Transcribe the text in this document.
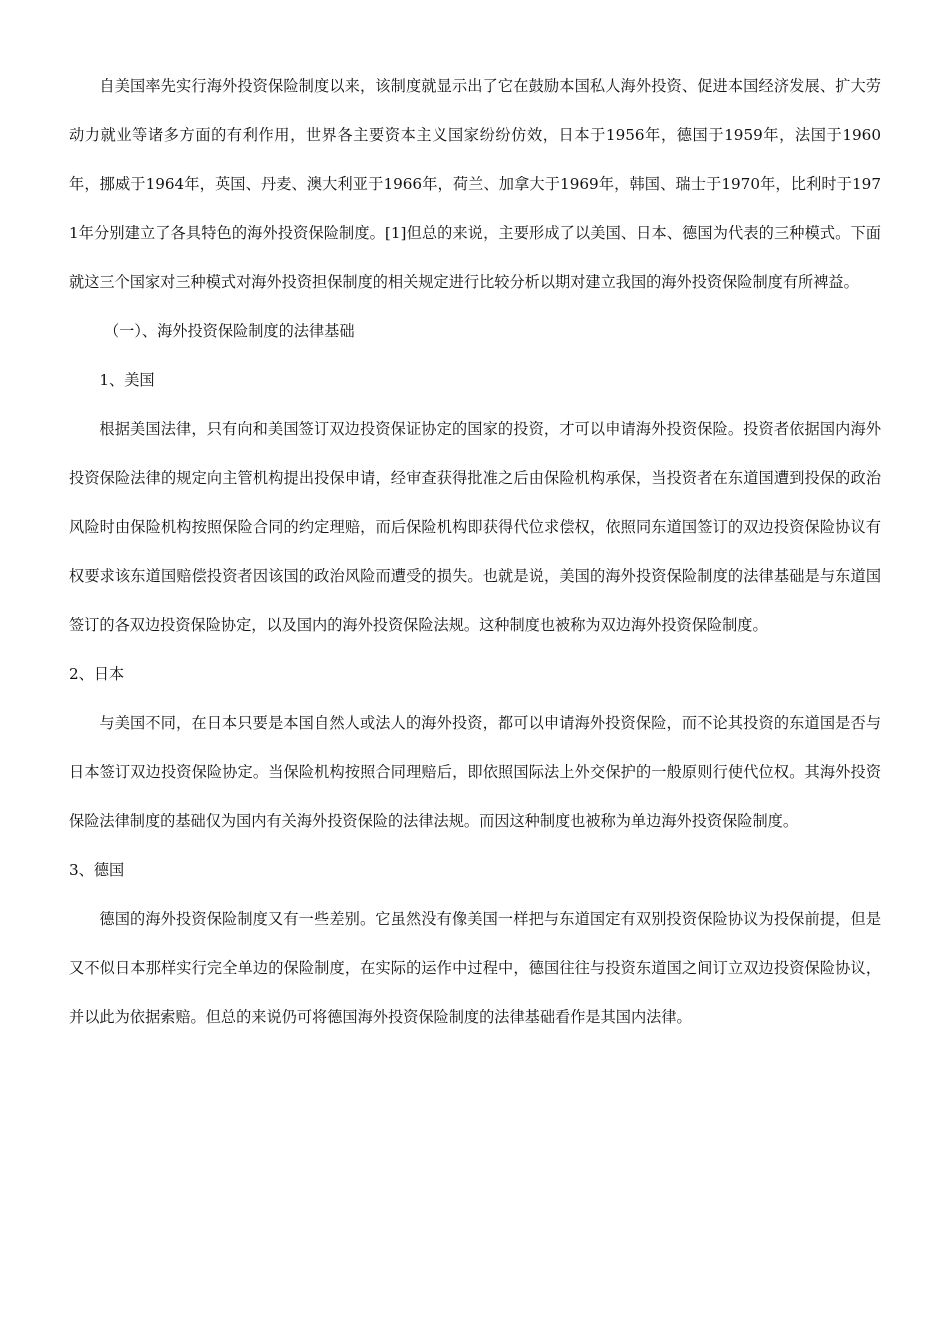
自美国率先实行海外投资保险制度以来，该制度就显示出了它在鼓励本国私人海外投资、促进本国经济发展、扩大劳动力就业等诸多方面的有利作用，世界各主要资本主义国家纷纷仿效，日本于1956年，德国于1959年，法国于1960年，挪威于1964年，英国、丹麦、澳大利亚于1966年，荷兰、加拿大于1969年，韩国、瑞士于1970年，比利时于1971年分别建立了各具特色的海外投资保险制度。[1]但总的来说，主要形成了以美国、日本、德国为代表的三种模式。下面就这三个国家对三种模式对海外投资担保制度的相关规定进行比较分析以期对建立我国的海外投资保险制度有所裨益。

（一）、海外投资保险制度的法律基础

1、美国

根据美国法律，只有向和美国签订双边投资保证协定的国家的投资，才可以申请海外投资保险。投资者依据国内海外投资保险法律的规定向主管机构提出投保申请，经审查获得批准之后由保险机构承保，当投资者在东道国遭到投保的政治风险时由保险机构按照保险合同的约定理赔，而后保险机构即获得代位求偿权，依照同东道国签订的双边投资保险协议有权要求该东道国赔偿投资者因该国的政治风险而遭受的损失。也就是说，美国的海外投资保险制度的法律基础是与东道国签订的各双边投资保险协定，以及国内的海外投资保险法规。这种制度也被称为双边海外投资保险制度。

2、日本

与美国不同，在日本只要是本国自然人或法人的海外投资，都可以申请海外投资保险，而不论其投资的东道国是否与日本签订双边投资保险协定。当保险机构按照合同理赔后，即依照国际法上外交保护的一般原则行使代位权。其海外投资保险法律制度的基础仅为国内有关海外投资保险的法律法规。而因这种制度也被称为单边海外投资保险制度。

3、德国

德国的海外投资保险制度又有一些差别。它虽然没有像美国一样把与东道国定有双别投资保险协议为投保前提，但是又不似日本那样实行完全单边的保险制度，在实际的运作中过程中，德国往往与投资东道国之间订立双边投资保险协议，并以此为依据索赔。但总的来说仍可将德国海外投资保险制度的法律基础看作是其国内法律。
